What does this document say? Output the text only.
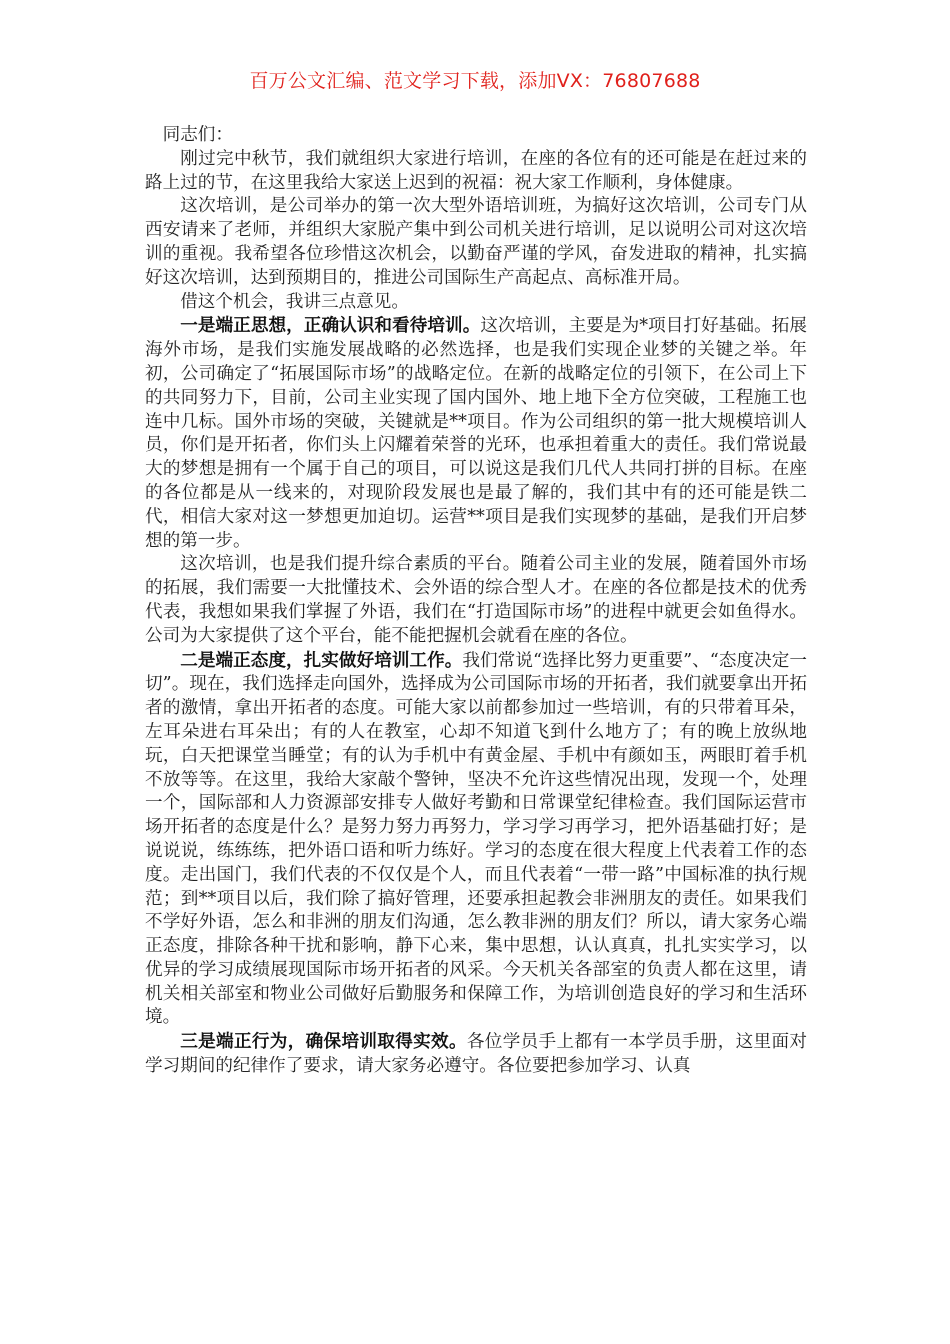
百万公文汇编、范文学习下载，添加VX：76807688

同志们：

刚过完中秋节，我们就组织大家进行培训，在座的各位有的还可能是在赶过来的路上过的节，在这里我给大家送上迟到的祝福：祝大家工作顺利，身体健康。

这次培训，是公司举办的第一次大型外语培训班，为搞好这次培训，公司专门从西安请来了老师，并组织大家脱产集中到公司机关进行培训，足以说明公司对这次培训的重视。我希望各位珍惜这次机会，以勤奋严谨的学风，奋发进取的精神，扎实搞好这次培训，达到预期目的，推进公司国际生产高起点、高标准开局。

借这个机会，我讲三点意见。

一是端正思想，正确认识和看待培训。这次培训，主要是为*项目打好基础。拓展海外市场，是我们实施发展战略的必然选择，也是我们实现企业梦的关键之举。年初，公司确定了“拓展国际市场”的战略定位。在新的战略定位的引领下，在公司上下的共同努力下，目前，公司主业实现了国内国外、地上地下全方位突破，工程施工也连中几标。国外市场的突破，关键就是**项目。作为公司组织的第一批大规模培训人员，你们是开拓者，你们头上闪耀着荣誉的光环，也承担着重大的责任。我们常说最大的梦想是拥有一个属于自己的项目，可以说这是我们几代人共同打拼的目标。在座的各位都是从一线来的，对现阶段发展也是最了解的，我们其中有的还可能是铁二代，相信大家对这一梦想更加迫切。运营**项目是我们实现梦的基础，是我们开启梦想的第一步。

这次培训，也是我们提升综合素质的平台。随着公司主业的发展，随着国外市场的拓展，我们需要一大批懂技术、会外语的综合型人才。在座的各位都是技术的优秀代表，我想如果我们掌握了外语，我们在“打造国际市场”的进程中就更会如鱼得水。公司为大家提供了这个平台，能不能把握机会就看在座的各位。

二是端正态度，扎实做好培训工作。我们常说“选择比努力更重要”、“态度决定一切”。现在，我们选择走向国外，选择成为公司国际市场的开拓者，我们就要拿出开拓者的激情，拿出开拓者的态度。可能大家以前都参加过一些培训，有的只带着耳朵，左耳朵进右耳朵出；有的人在教室，心却不知道飞到什么地方了；有的晚上放纵地玩，白天把课堂当睡堂；有的认为手机中有黄金屋、手机中有颜如玉，两眼盯着手机不放等等。在这里，我给大家敲个警钟，坚决不允许这些情况出现，发现一个，处理一个，国际部和人力资源部安排专人做好考勤和日常课堂纪律检查。我们国际运营市场开拓者的态度是什么？是努力努力再努力，学习学习再学习，把外语基础打好；是说说说，练练练，把外语口语和听力练好。学习的态度在很大程度上代表着工作的态度。走出国门，我们代表的不仅仅是个人，而且代表着“一带一路”中国标准的执行规范；到**项目以后，我们除了搞好管理，还要承担起教会非洲朋友的责任。如果我们不学好外语，怎么和非洲的朋友们沟通，怎么教非洲的朋友们？所以，请大家务心端正态度，排除各种干扰和影响，静下心来，集中思想，认认真真，扎扎实实学习，以优异的学习成绩展现国际市场开拓者的风采。今天机关各部室的负责人都在这里，请机关相关部室和物业公司做好后勤服务和保障工作，为培训创造良好的学习和生活环境。

三是端正行为，确保培训取得实效。各位学员手上都有一本学员手册，这里面对学习期间的纪律作了要求，请大家务必遵守。各位要把参加学习、认真
